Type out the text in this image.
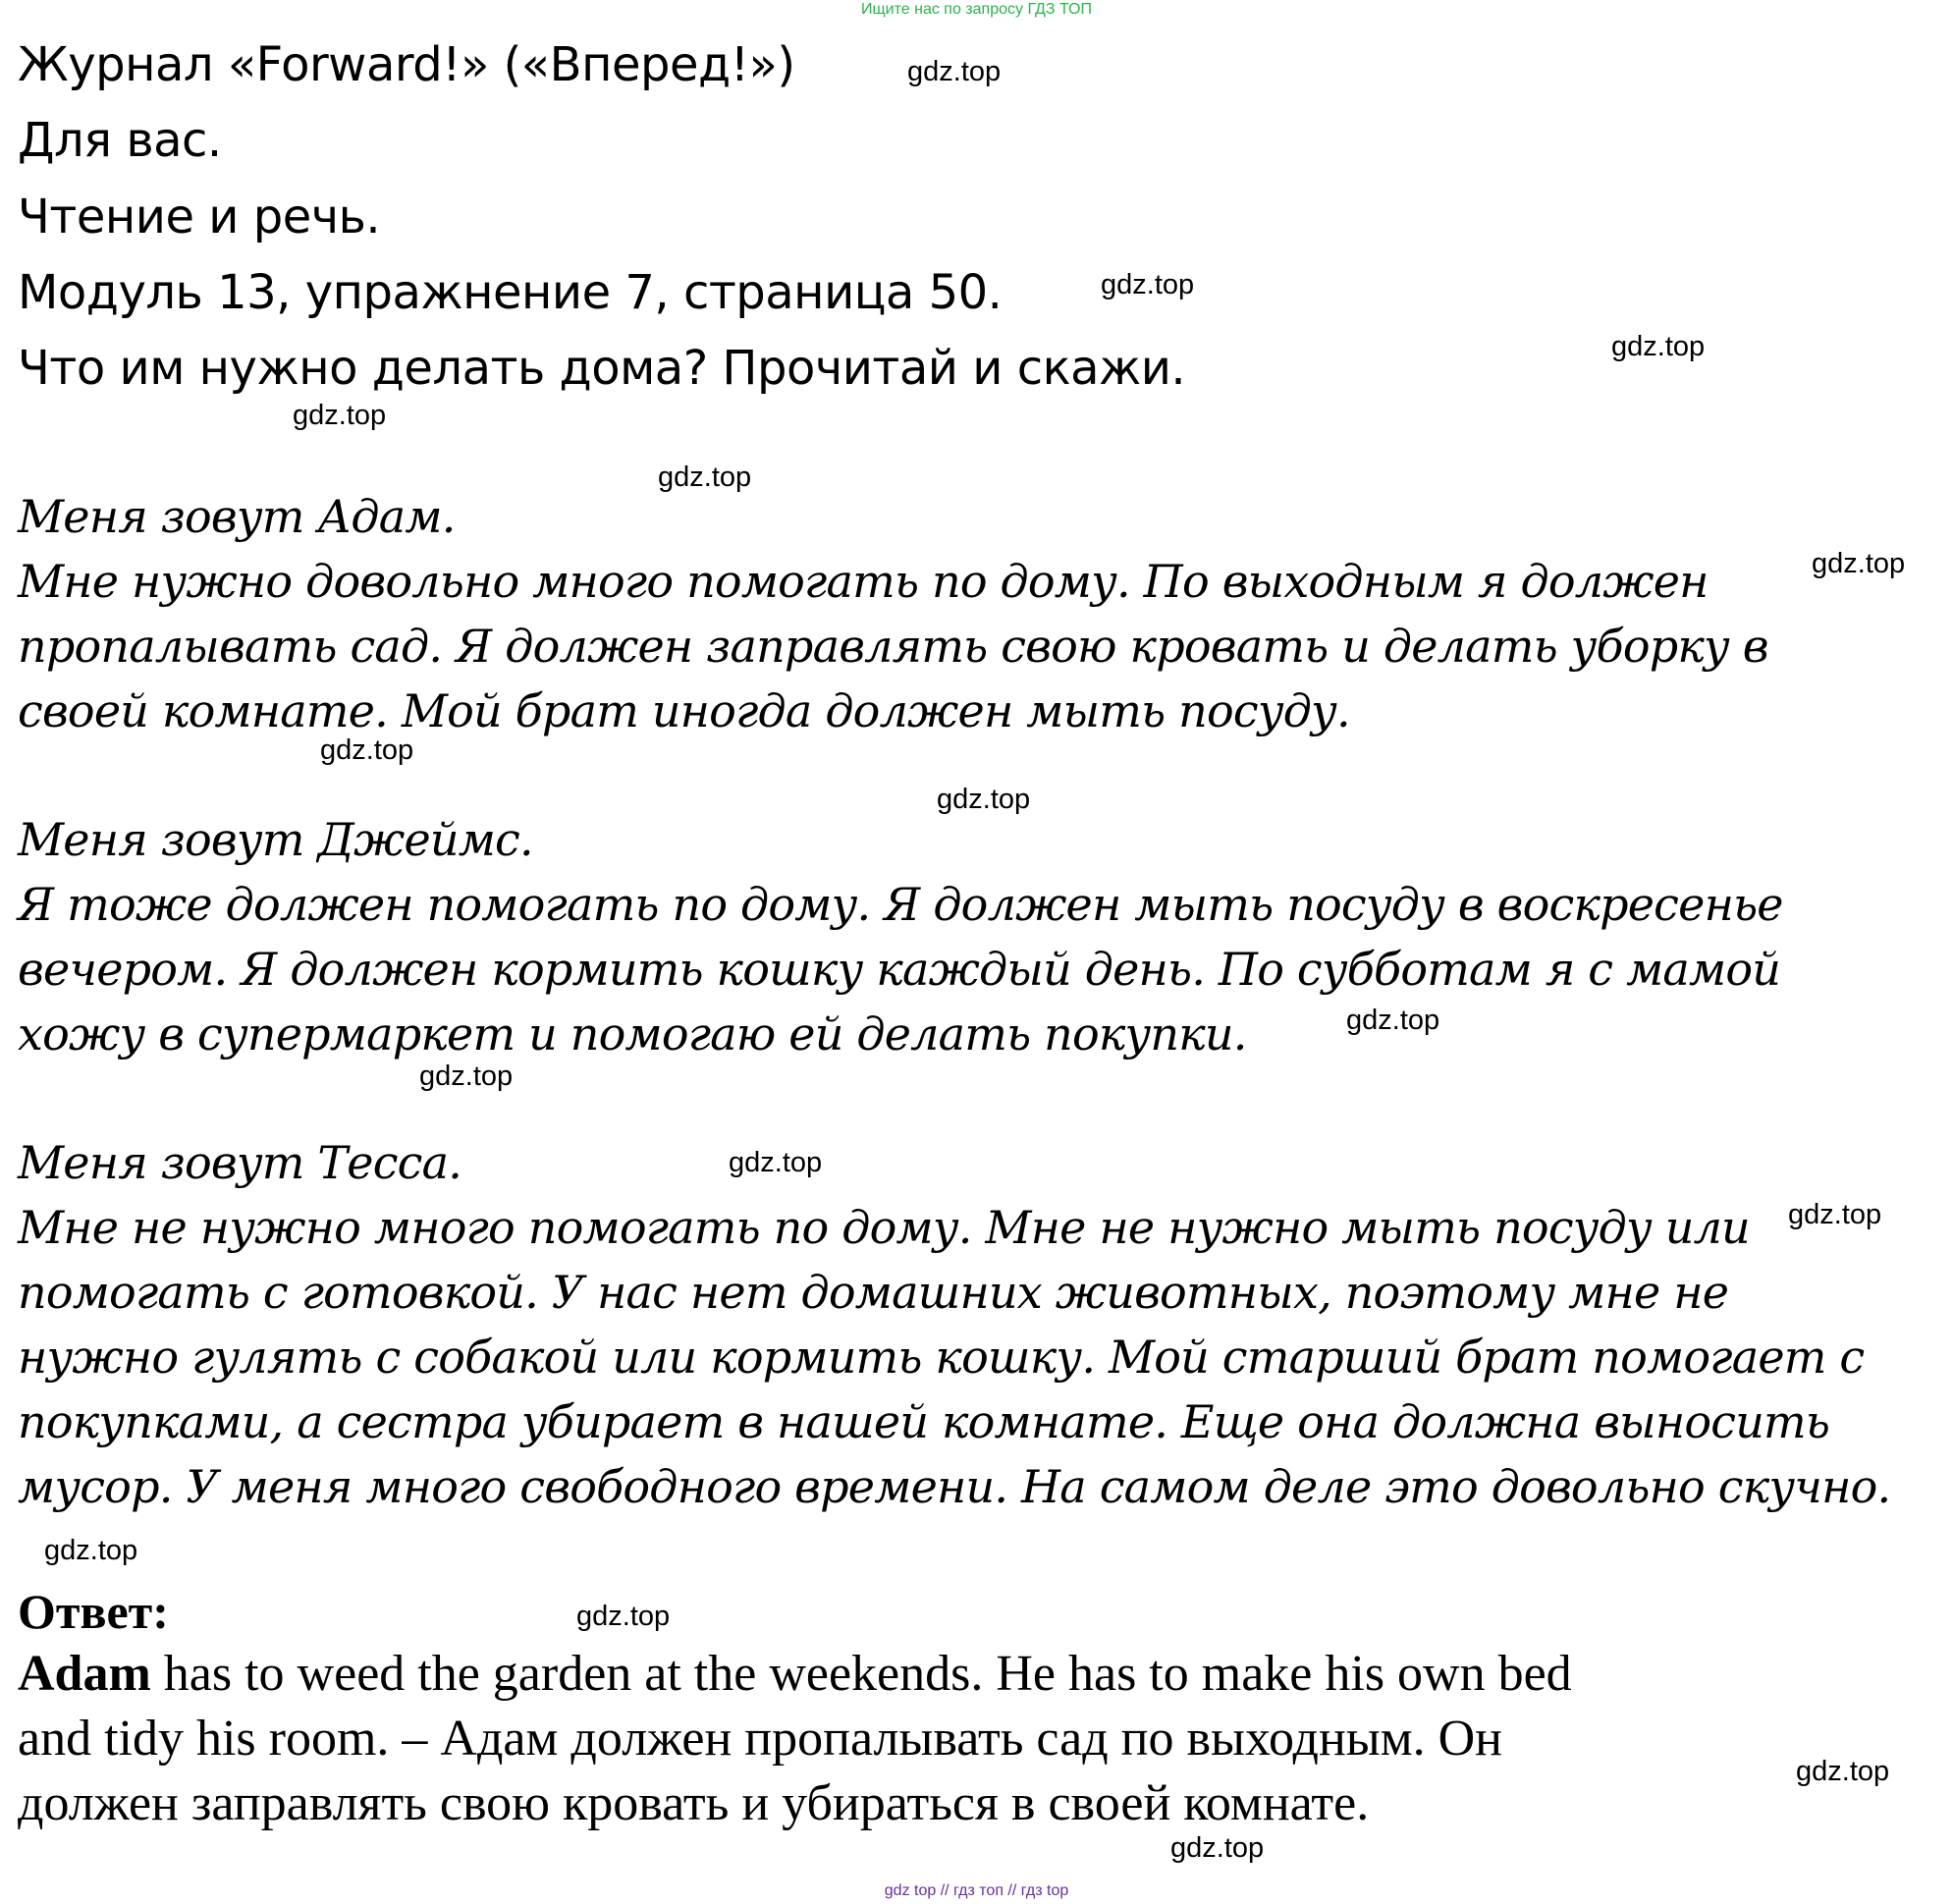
Ищите нас по запросу ГДЗ ТОП
Журнал «Forward!» («Вперед!»)
Для вас.
Чтение и речь.
Модуль 13, упражнение 7, страница 50.
Что им нужно делать дома? Прочитай и скажи.
Меня зовут Адам.
Мне нужно довольно много помогать по дому. По выходным я должен
пропалывать сад. Я должен заправлять свою кровать и делать уборку в
своей комнате. Мой брат иногда должен мыть посуду.
Меня зовут Джеймс.
Я тоже должен помогать по дому. Я должен мыть посуду в воскресенье
вечером. Я должен кормить кошку каждый день. По субботам я с мамой
хожу в супермаркет и помогаю ей делать покупки.
Меня зовут Тесса.
Мне не нужно много помогать по дому. Мне не нужно мыть посуду или
помогать с готовкой. У нас нет домашних животных, поэтому мне не
нужно гулять с собакой или кормить кошку. Мой старший брат помогает с
покупками, а сестра убирает в нашей комнате. Еще она должна выносить
мусор. У меня много свободного времени. На самом деле это довольно скучно.
Ответ:
Adam has to weed the garden at the weekends. He has to make his own bed
and tidy his room. – Адам должен пропалывать сад по выходным. Он
должен заправлять свою кровать и убираться в своей комнате.
gdz.top
gdz.top
gdz.top
gdz.top
gdz.top
gdz.top
gdz.top
gdz.top
gdz.top
gdz.top
gdz.top
gdz.top
gdz.top
gdz.top
gdz.top
gdz.top
gdz top // гдз топ // гдз top
